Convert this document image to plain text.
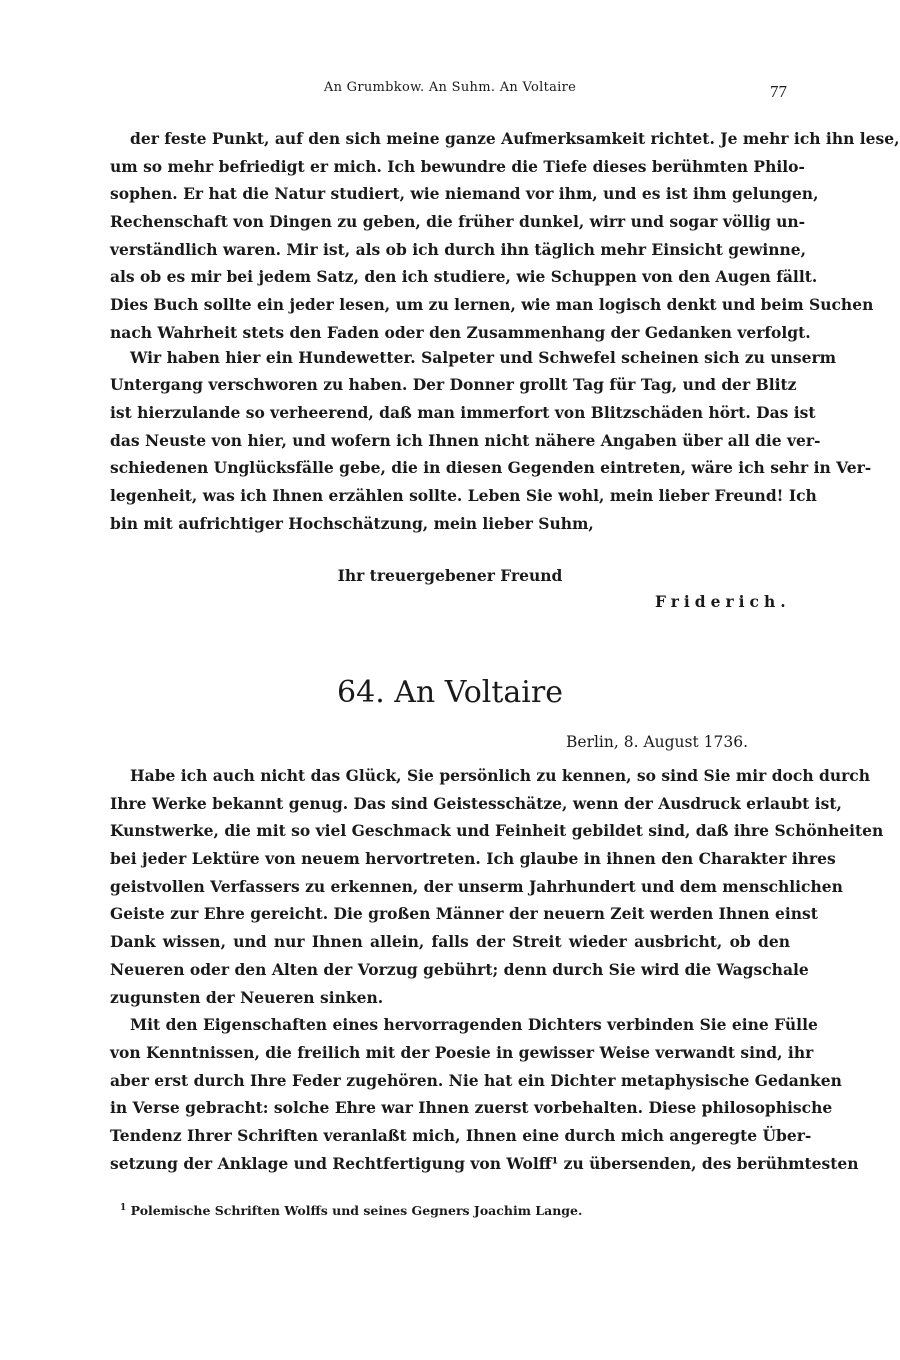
An Grumbkow. An Suhm. An Voltaire	77
der feste Punkt, auf den sich meine ganze Aufmerksamkeit richtet. Je mehr ich ihn lese,
um so mehr befriedigt er mich. Ich bewundre die Tiefe dieses berühmten Philo-
sophen. Er hat die Natur studiert, wie niemand vor ihm, und es ist ihm gelungen,
Rechenschaft von Dingen zu geben, die früher dunkel, wirr und sogar völlig un-
verständlich waren. Mir ist, als ob ich durch ihn täglich mehr Einsicht gewinne,
als ob es mir bei jedem Satz, den ich studiere, wie Schuppen von den Augen fällt.
Dies Buch sollte ein jeder lesen, um zu lernen, wie man logisch denkt und beim Suchen
nach Wahrheit stets den Faden oder den Zusammenhang der Gedanken verfolgt.
Wir haben hier ein Hundewetter. Salpeter und Schwefel scheinen sich zu unserm
Untergang verschworen zu haben. Der Donner grollt Tag für Tag, und der Blitz
ist hierzulande so verheerend, daß man immerfort von Blitzschäden hört. Das ist
das Neuste von hier, und wofern ich Ihnen nicht nähere Angaben über all die ver-
schiedenen Unglücksfälle gebe, die in diesen Gegenden eintreten, wäre ich sehr in Ver-
legenheit, was ich Ihnen erzählen sollte. Leben Sie wohl, mein lieber Freund! Ich
bin mit aufrichtiger Hochschätzung, mein lieber Suhm,
Ihr treuergebener Freund
Friderich.
64. An Voltaire
Berlin, 8. August 1736.
Habe ich auch nicht das Glück, Sie persönlich zu kennen, so sind Sie mir doch durch
Ihre Werke bekannt genug. Das sind Geistesschätze, wenn der Ausdruck erlaubt ist,
Kunstwerke, die mit so viel Geschmack und Feinheit gebildet sind, daß ihre Schönheiten
bei jeder Lektüre von neuem hervortreten. Ich glaube in ihnen den Charakter ihres
geistvollen Verfassers zu erkennen, der unserm Jahrhundert und dem menschlichen
Geiste zur Ehre gereicht. Die großen Männer der neuern Zeit werden Ihnen einst
Dank wissen, und nur Ihnen allein, falls der Streit wieder ausbricht, ob den
Neueren oder den Alten der Vorzug gebührt; denn durch Sie wird die Wagschale
zugunsten der Neueren sinken.
Mit den Eigenschaften eines hervorragenden Dichters verbinden Sie eine Fülle
von Kenntnissen, die freilich mit der Poesie in gewisser Weise verwandt sind, ihr
aber erst durch Ihre Feder zugehören. Nie hat ein Dichter metaphysische Gedanken
in Verse gebracht: solche Ehre war Ihnen zuerst vorbehalten. Diese philosophische
Tendenz Ihrer Schriften veranlaßt mich, Ihnen eine durch mich angeregte Über-
setzung der Anklage und Rechtfertigung von Wolff¹ zu übersenden, des berühmtesten
$^1$ Polemische Schriften Wolffs und seines Gegners Joachim Lange.
